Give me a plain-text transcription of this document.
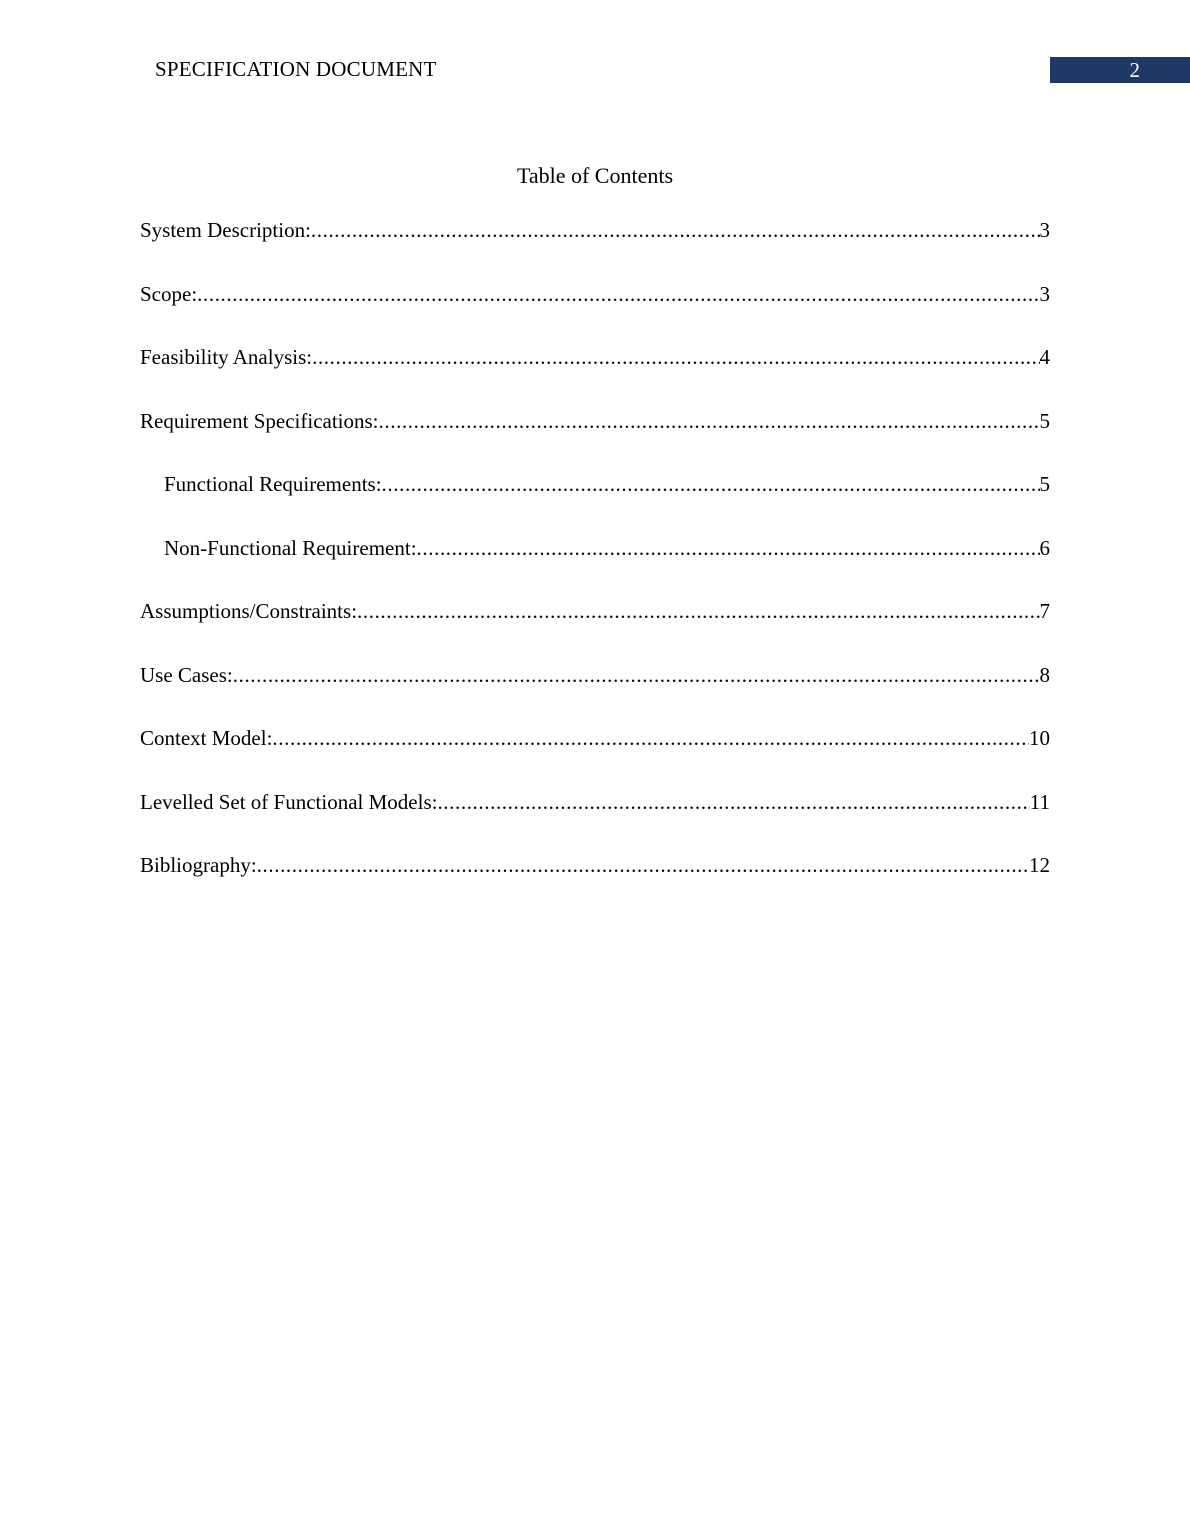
SPECIFICATION DOCUMENT	2
Table of Contents
System Description: .....	3
Scope: .....	3
Feasibility Analysis: .....	4
Requirement Specifications: .....	5
Functional Requirements: .....	5
Non-Functional Requirement: .....	6
Assumptions/Constraints: .....	7
Use Cases: .....	8
Context Model: .....	10
Levelled Set of Functional Models: .....	11
Bibliography: .....	12
